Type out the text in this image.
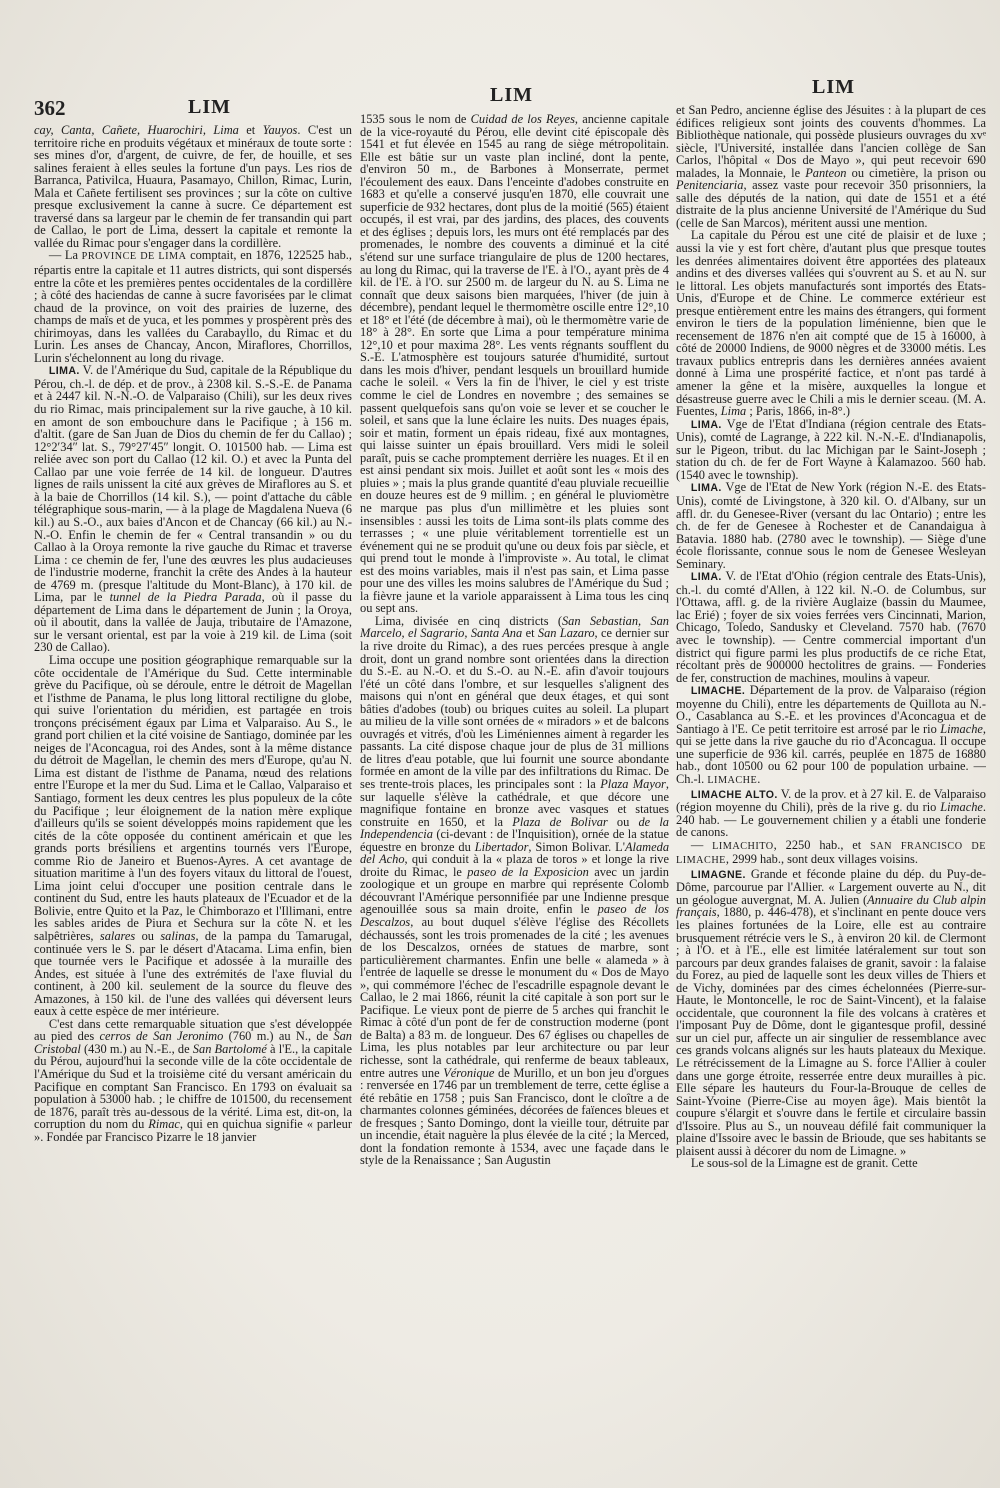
362	LIM
LIM	LIM

cay, Canta, Cañete, Huarochiri, Lima et Yauyos. C'est un territoire riche en produits végétaux et minéraux de toute sorte : ses mines d'or, d'argent, de cuivre, de fer, de houille, et ses salines feraient à elles seules la fortune d'un pays. Les rios de Barranca, Pativilca, Huaura, Pasamayo, Chillon, Rimac, Lurin, Mala et Cañete fertilisent ses provinces ; sur la côte on cultive presque exclusivement la canne à sucre. Ce département est traversé dans sa largeur par le chemin de fer transandin qui part de Callao, le port de Lima, dessert la capitale et remonte la vallée du Rimac pour s'engager dans la cordillère.

— La PROVINCE DE LIMA comptait, en 1876, 122525 hab., répartis entre la capitale et 11 autres districts, qui sont dispersés entre la côte et les premières pentes occidentales de la cordillère ; à côté des haciendas de canne à sucre favorisées par le climat chaud de la province, on voit des prairies de luzerne, des champs de maïs et de yuca, et les pommes y prospèrent près des chirimoyas, dans les vallées du Carabayllo, du Rimac et du Lurin. Les anses de Chancay, Ancon, Miraflores, Chorrillos, Lurin s'échelonnent au long du rivage.

LIMA. V. de l'Amérique du Sud, capitale de la République du Pérou, ch.-l. de dép. et de prov., à 2308 kil. S.-S.-E. de Panama et à 2447 kil. N.-N.-O. de Valparaiso (Chili), sur les deux rives du rio Rimac, mais principalement sur la rive gauche, à 10 kil. en amont de son embouchure dans le Pacifique ; à 156 m. d'altit. (gare de San Juan de Dios du chemin de fer du Callao) ; 12°2′34″ lat. S., 79°27′45″ longit. O. 101500 hab. — Lima est reliée avec son port du Callao (12 kil. O.) et avec la Punta del Callao par une voie ferrée de 14 kil. de longueur. D'autres lignes de rails unissent la cité aux grèves de Miraflores au S. et à la baie de Chorrillos (14 kil. S.), — point d'attache du câble télégraphique sous-marin, — à la plage de Magdalena Nueva (6 kil.) au S.-O., aux baies d'Ancon et de Chancay (66 kil.) au N.-N.-O. Enfin le chemin de fer « Central transandin » ou du Callao à la Oroya remonte la rive gauche du Rimac et traverse Lima : ce chemin de fer, l'une des œuvres les plus audacieuses de l'industrie moderne, franchit la crête des Andes à la hauteur de 4769 m. (presque l'altitude du Mont-Blanc), à 170 kil. de Lima, par le tunnel de la Piedra Parada, où il passe du département de Lima dans le département de Junin ; la Oroya, où il aboutit, dans la vallée de Jauja, tributaire de l'Amazone, sur le versant oriental, est par la voie à 219 kil. de Lima (soit 230 de Callao).

Lima occupe une position géographique remarquable sur la côte occidentale de l'Amérique du Sud. Cette interminable grève du Pacifique, où se déroule, entre le détroit de Magellan et l'isthme de Panama, le plus long littoral rectiligne du globe, qui suive l'orientation du méridien, est partagée en trois tronçons précisément égaux par Lima et Valparaiso. Au S., le grand port chilien et la cité voisine de Santiago, dominée par les neiges de l'Aconcagua, roi des Andes, sont à la même distance du détroit de Magellan, le chemin des mers d'Europe, qu'au N. Lima est distant de l'isthme de Panama, nœud des relations entre l'Europe et la mer du Sud. Lima et le Callao, Valparaiso et Santiago, forment les deux centres les plus populeux de la côte du Pacifique ; leur éloignement de la nation mère explique d'ailleurs qu'ils se soient développés moins rapidement que les cités de la côte opposée du continent américain et que les grands ports brésiliens et argentins tournés vers l'Europe, comme Rio de Janeiro et Buenos-Ayres. A cet avantage de situation maritime à l'un des foyers vitaux du littoral de l'ouest, Lima joint celui d'occuper une position centrale dans le continent du Sud, entre les hauts plateaux de l'Ecuador et de la Bolivie, entre Quito et la Paz, le Chimborazo et l'Illimani, entre les sables arides de Piura et Sechura sur la côte N. et les salpêtrières, salares ou salinas, de la pampa du Tamarugal, continuée vers le S. par le désert d'Atacama. Lima enfin, bien que tournée vers le Pacifique et adossée à la muraille des Andes, est située à l'une des extrémités de l'axe fluvial du continent, à 200 kil. seulement de la source du fleuve des Amazones, à 150 kil. de l'une des vallées qui déversent leurs eaux à cette espèce de mer intérieure.

C'est dans cette remarquable situation que s'est développée au pied des cerros de San Jeronimo (760 m.) au N., de San Cristobal (430 m.) au N.-E., de San Bartolomé à l'E., la capitale du Pérou, aujourd'hui la seconde ville de la côte occidentale de l'Amérique du Sud et la troisième cité du versant américain du Pacifique en comptant San Francisco. En 1793 on évaluait sa population à 53000 hab. ; le chiffre de 101500, du recensement de 1876, paraît très au-dessous de la vérité. Lima est, dit-on, la corruption du nom du Rimac, qui en quichua signifie « parleur ». Fondée par Francisco Pizarre le 18 janvier

1535 sous le nom de Cuidad de los Reyes, ancienne capitale de la vice-royauté du Pérou, elle devint cité épiscopale dès 1541 et fut élevée en 1545 au rang de siège métropolitain. Elle est bâtie sur un vaste plan incliné, dont la pente, d'environ 50 m., de Barbones à Monserrate, permet l'écoulement des eaux. Dans l'enceinte d'adobes construite en 1683 et qu'elle a conservé jusqu'en 1870, elle couvrait une superficie de 932 hectares, dont plus de la moitié (565) étaient occupés, il est vrai, par des jardins, des places, des couvents et des églises ; depuis lors, les murs ont été remplacés par des promenades, le nombre des couvents a diminué et la cité s'étend sur une surface triangulaire de plus de 1200 hectares, au long du Rimac, qui la traverse de l'E. à l'O., ayant près de 4 kil. de l'E. à l'O. sur 2500 m. de largeur du N. au S. Lima ne connaît que deux saisons bien marquées, l'hiver (de juin à décembre), pendant lequel le thermomètre oscille entre 12°,10 et 18° et l'été (de décembre à mai), où le thermomètre varie de 18° à 28°. En sorte que Lima a pour température minima 12°,10 et pour maxima 28°. Les vents régnants soufflent du S.-E. L'atmosphère est toujours saturée d'humidité, surtout dans les mois d'hiver, pendant lesquels un brouillard humide cache le soleil. « Vers la fin de l'hiver, le ciel y est triste comme le ciel de Londres en novembre ; des semaines se passent quelquefois sans qu'on voie se lever et se coucher le soleil, et sans que la lune éclaire les nuits. Des nuages épais, soir et matin, forment un épais rideau, fixé aux montagnes, qui laisse suinter un épais brouillard. Vers midi le soleil paraît, puis se cache promptement derrière les nuages. Et il en est ainsi pendant six mois. Juillet et août sont les « mois des pluies » ; mais la plus grande quantité d'eau pluviale recueillie en douze heures est de 9 millim. ; en général le pluviomètre ne marque pas plus d'un millimètre et les pluies sont insensibles : aussi les toits de Lima sont-ils plats comme des terrasses ; « une pluie véritablement torrentielle est un événement qui ne se produit qu'une ou deux fois par siècle, et qui prend tout le monde à l'improviste ». Au total, le climat est des moins variables, mais il n'est pas sain, et Lima passe pour une des villes les moins salubres de l'Amérique du Sud ; la fièvre jaune et la variole apparaissent à Lima tous les cinq ou sept ans.

Lima, divisée en cinq districts (San Sebastian, San Marcelo, el Sagrario, Santa Ana et San Lazaro, ce dernier sur la rive droite du Rimac), a des rues percées presque à angle droit, dont un grand nombre sont orientées dans la direction du S.-E. au N.-O. et du S.-O. au N.-E. afin d'avoir toujours l'été un côté dans l'ombre, et sur lesquelles s'alignent des maisons qui n'ont en général que deux étages, et qui sont bâties d'adobes (toub) ou briques cuites au soleil. La plupart au milieu de la ville sont ornées de « miradors » et de balcons ouvragés et vitrés, d'où les Liméniennes aiment à regarder les passants. La cité dispose chaque jour de plus de 31 millions de litres d'eau potable, que lui fournit une source abondante formée en amont de la ville par des infiltrations du Rimac. De ses trente-trois places, les principales sont : la Plaza Mayor, sur laquelle s'élève la cathédrale, et que décore une magnifique fontaine en bronze avec vasques et statues construite en 1650, et la Plaza de Bolivar ou de la Independencia (ci-devant : de l'Inquisition), ornée de la statue équestre en bronze du Libertador, Simon Bolivar. L'Alameda del Acho, qui conduit à la « plaza de toros » et longe la rive droite du Rimac, le paseo de la Exposicion avec un jardin zoologique et un groupe en marbre qui représente Colomb découvrant l'Amérique personnifiée par une Indienne presque agenouillée sous sa main droite, enfin le paseo de los Descalzos, au bout duquel s'élève l'église des Récollets déchaussés, sont les trois promenades de la cité ; les avenues de los Descalzos, ornées de statues de marbre, sont particulièrement charmantes. Enfin une belle « alameda » à l'entrée de laquelle se dresse le monument du « Dos de Mayo », qui commémore l'échec de l'escadrille espagnole devant le Callao, le 2 mai 1866, réunit la cité capitale à son port sur le Pacifique. Le vieux pont de pierre de 5 arches qui franchit le Rimac à côté d'un pont de fer de construction moderne (pont de Balta) a 83 m. de longueur. Des 67 églises ou chapelles de Lima, les plus notables par leur architecture ou par leur richesse, sont la cathédrale, qui renferme de beaux tableaux, entre autres une Véronique de Murillo, et un bon jeu d'orgues : renversée en 1746 par un tremblement de terre, cette église a été rebâtie en 1758 ; puis San Francisco, dont le cloître a de charmantes colonnes géminées, décorées de faïences bleues et de fresques ; Santo Domingo, dont la vieille tour, détruite par un incendie, était naguère la plus élevée de la cité ; la Merced, dont la fondation remonte à 1534, avec une façade dans le style de la Renaissance ; San Augustin

et San Pedro, ancienne église des Jésuites : à la plupart de ces édifices religieux sont joints des couvents d'hommes. La Bibliothèque nationale, qui possède plusieurs ouvrages du xvᵉ siècle, l'Université, installée dans l'ancien collège de San Carlos, l'hôpital « Dos de Mayo », qui peut recevoir 690 malades, la Monnaie, le Panteon ou cimetière, la prison ou Penitenciaria, assez vaste pour recevoir 350 prisonniers, la salle des députés de la nation, qui date de 1551 et a été distraite de la plus ancienne Université de l'Amérique du Sud (celle de San Marcos), méritent aussi une mention.

La capitale du Pérou est une cité de plaisir et de luxe ; aussi la vie y est fort chère, d'autant plus que presque toutes les denrées alimentaires doivent être apportées des plateaux andins et des diverses vallées qui s'ouvrent au S. et au N. sur le littoral. Les objets manufacturés sont importés des Etats-Unis, d'Europe et de Chine. Le commerce extérieur est presque entièrement entre les mains des étrangers, qui forment environ le tiers de la population liménienne, bien que le recensement de 1876 n'en ait compté que de 15 à 16000, à côté de 20000 Indiens, de 9000 nègres et de 33000 métis. Les travaux publics entrepris dans les dernières années avaient donné à Lima une prospérité factice, et n'ont pas tardé à amener la gêne et la misère, auxquelles la longue et désastreuse guerre avec le Chili a mis le dernier sceau. (M. A. Fuentes, Lima ; Paris, 1866, in-8°.)

LIMA. Vge de l'Etat d'Indiana (région centrale des Etats-Unis), comté de Lagrange, à 222 kil. N.-N.-E. d'Indianapolis, sur le Pigeon, tribut. du lac Michigan par le Saint-Joseph ; station du ch. de fer de Fort Wayne à Kalamazoo. 560 hab. (1540 avec le township).

LIMA. Vge de l'Etat de New York (région N.-E. des Etats-Unis), comté de Livingstone, à 320 kil. O. d'Albany, sur un affl. dr. du Genesee-River (versant du lac Ontario) ; entre les ch. de fer de Genesee à Rochester et de Canandaigua à Batavia. 1880 hab. (2780 avec le township). — Siège d'une école florissante, connue sous le nom de Genesee Wesleyan Seminary.

LIMA. V. de l'Etat d'Ohio (région centrale des Etats-Unis), ch.-l. du comté d'Allen, à 122 kil. N.-O. de Columbus, sur l'Ottawa, affl. g. de la rivière Auglaize (bassin du Maumee, lac Erié) ; foyer de six voies ferrées vers Cincinnati, Marion, Chicago, Toledo, Sandusky et Cleveland. 7570 hab. (7670 avec le township). — Centre commercial important d'un district qui figure parmi les plus productifs de ce riche Etat, récoltant près de 900000 hectolitres de grains. — Fonderies de fer, construction de machines, moulins à vapeur.

LIMACHE. Département de la prov. de Valparaiso (région moyenne du Chili), entre les départements de Quillota au N.-O., Casablanca au S.-E. et les provinces d'Aconcagua et de Santiago à l'E. Ce petit territoire est arrosé par le rio Limache, qui se jette dans la rive gauche du rio d'Aconcagua. Il occupe une superficie de 936 kil. carrés, peuplée en 1875 de 16880 hab., dont 10500 ou 62 pour 100 de population urbaine. — Ch.-l. LIMACHE.

LIMACHE ALTO. V. de la prov. et à 27 kil. E. de Valparaiso (région moyenne du Chili), près de la rive g. du rio Limache. 240 hab. — Le gouvernement chilien y a établi une fonderie de canons.

— LIMACHITO, 2250 hab., et SAN FRANCISCO DE LIMACHE, 2999 hab., sont deux villages voisins.

LIMAGNE. Grande et féconde plaine du dép. du Puy-de-Dôme, parcourue par l'Allier. « Largement ouverte au N., dit un géologue auvergnat, M. A. Julien (Annuaire du Club alpin français, 1880, p. 446-478), et s'inclinant en pente douce vers les plaines fortunées de la Loire, elle est au contraire brusquement rétrécie vers le S., à environ 20 kil. de Clermont ; à l'O. et à l'E., elle est limitée latéralement sur tout son parcours par deux grandes falaises de granit, savoir : la falaise du Forez, au pied de laquelle sont les deux villes de Thiers et de Vichy, dominées par des cimes échelonnées (Pierre-sur-Haute, le Montoncelle, le roc de Saint-Vincent), et la falaise occidentale, que couronnent la file des volcans à cratères et l'imposant Puy de Dôme, dont le gigantesque profil, dessiné sur un ciel pur, affecte un air singulier de ressemblance avec ces grands volcans alignés sur les hauts plateaux du Mexique. Le rétrécissement de la Limagne au S. force l'Allier à couler dans une gorge étroite, resserrée entre deux murailles à pic. Elle sépare les hauteurs du Four-la-Brouque de celles de Saint-Yvoine (Pierre-Cise au moyen âge). Mais bientôt la coupure s'élargit et s'ouvre dans le fertile et circulaire bassin d'Issoire. Plus au S., un nouveau défilé fait communiquer la plaine d'Issoire avec le bassin de Brioude, que ses habitants se plaisent aussi à décorer du nom de Limagne. »

Le sous-sol de la Limagne est de granit. Cette
